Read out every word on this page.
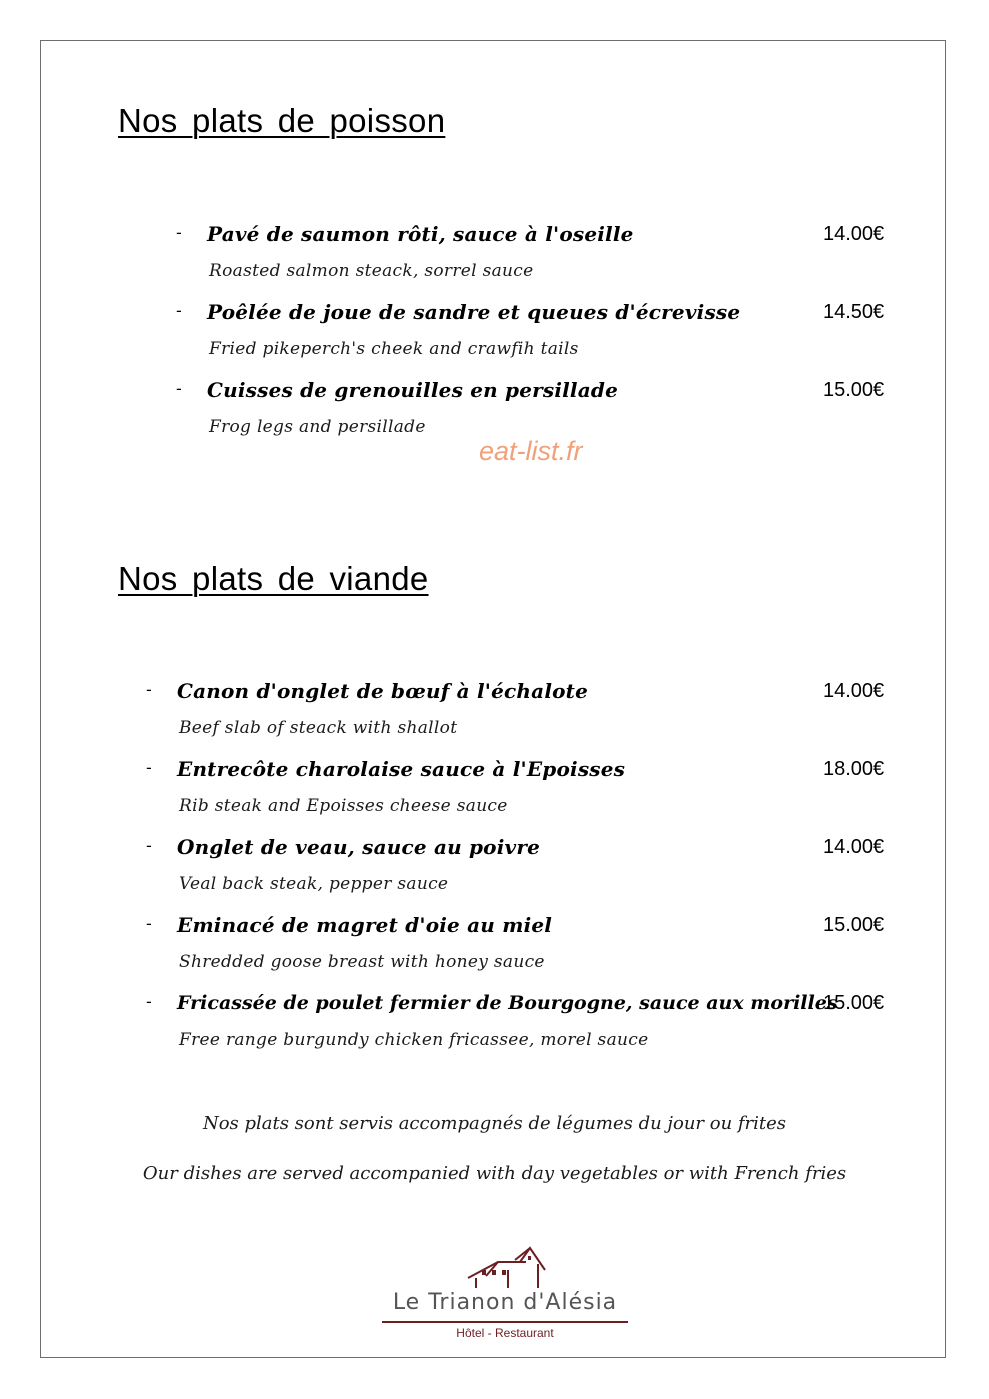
Nos plats de poisson
- Pavé de saumon rôti, sauce à l'oseille
Roasted salmon steack, sorrel sauce
14.00€
- Poêlée de joue de sandre et queues d'écrevisse
Fried pikeperch's cheek and crawfih tails
14.50€
- Cuisses de grenouilles en persillade
Frog legs and persillade
15.00€
eat-list.fr
Nos plats de viande
- Canon d'onglet de bœuf à l'échalote
Beef slab of steack with shallot
14.00€
- Entrecôte charolaise sauce à l'Epoisses
Rib steak and Epoisses cheese sauce
18.00€
- Onglet de veau, sauce au poivre
Veal back steak, pepper sauce
14.00€
- Eminacé de magret d'oie au miel
Shredded goose breast with honey sauce
15.00€
- Fricassée de poulet fermier de Bourgogne, sauce aux morilles
Free range burgundy chicken fricassee, morel sauce
15.00€
Nos plats sont servis accompagnés de légumes du jour ou frites
Our dishes are served accompanied with day vegetables or with French fries
Le Trianon d'Alésia
Hôtel - Restaurant
